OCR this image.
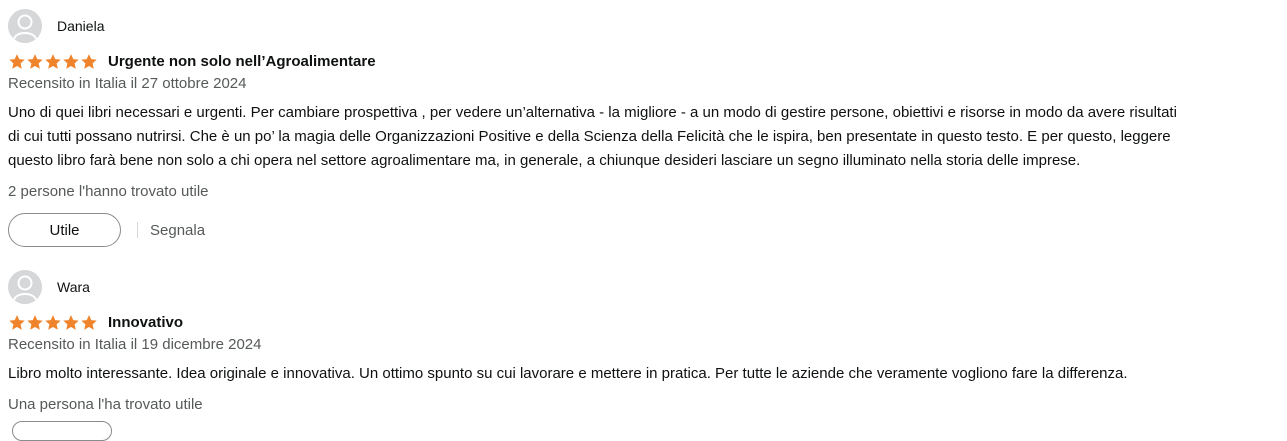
Daniela
Urgente non solo nell’Agroalimentare
Recensito in Italia il 27 ottobre 2024
Uno di quei libri necessari e urgenti. Per cambiare prospettiva , per vedere un’alternativa - la migliore - a un modo di gestire persone, obiettivi e risorse in modo da avere risultati
di cui tutti possano nutrirsi. Che è un po’ la magia delle Organizzazioni Positive e della Scienza della Felicità che le ispira, ben presentate in questo testo. E per questo, leggere
questo libro farà bene non solo a chi opera nel settore agroalimentare ma, in generale, a chiunque desideri lasciare un segno illuminato nella storia delle imprese.
2 persone l'hanno trovato utile
Utile	Segnala
Wara
Innovativo
Recensito in Italia il 19 dicembre 2024
Libro molto interessante. Idea originale e innovativa. Un ottimo spunto su cui lavorare e mettere in pratica. Per tutte le aziende che veramente vogliono fare la differenza.
Una persona l'ha trovato utile
